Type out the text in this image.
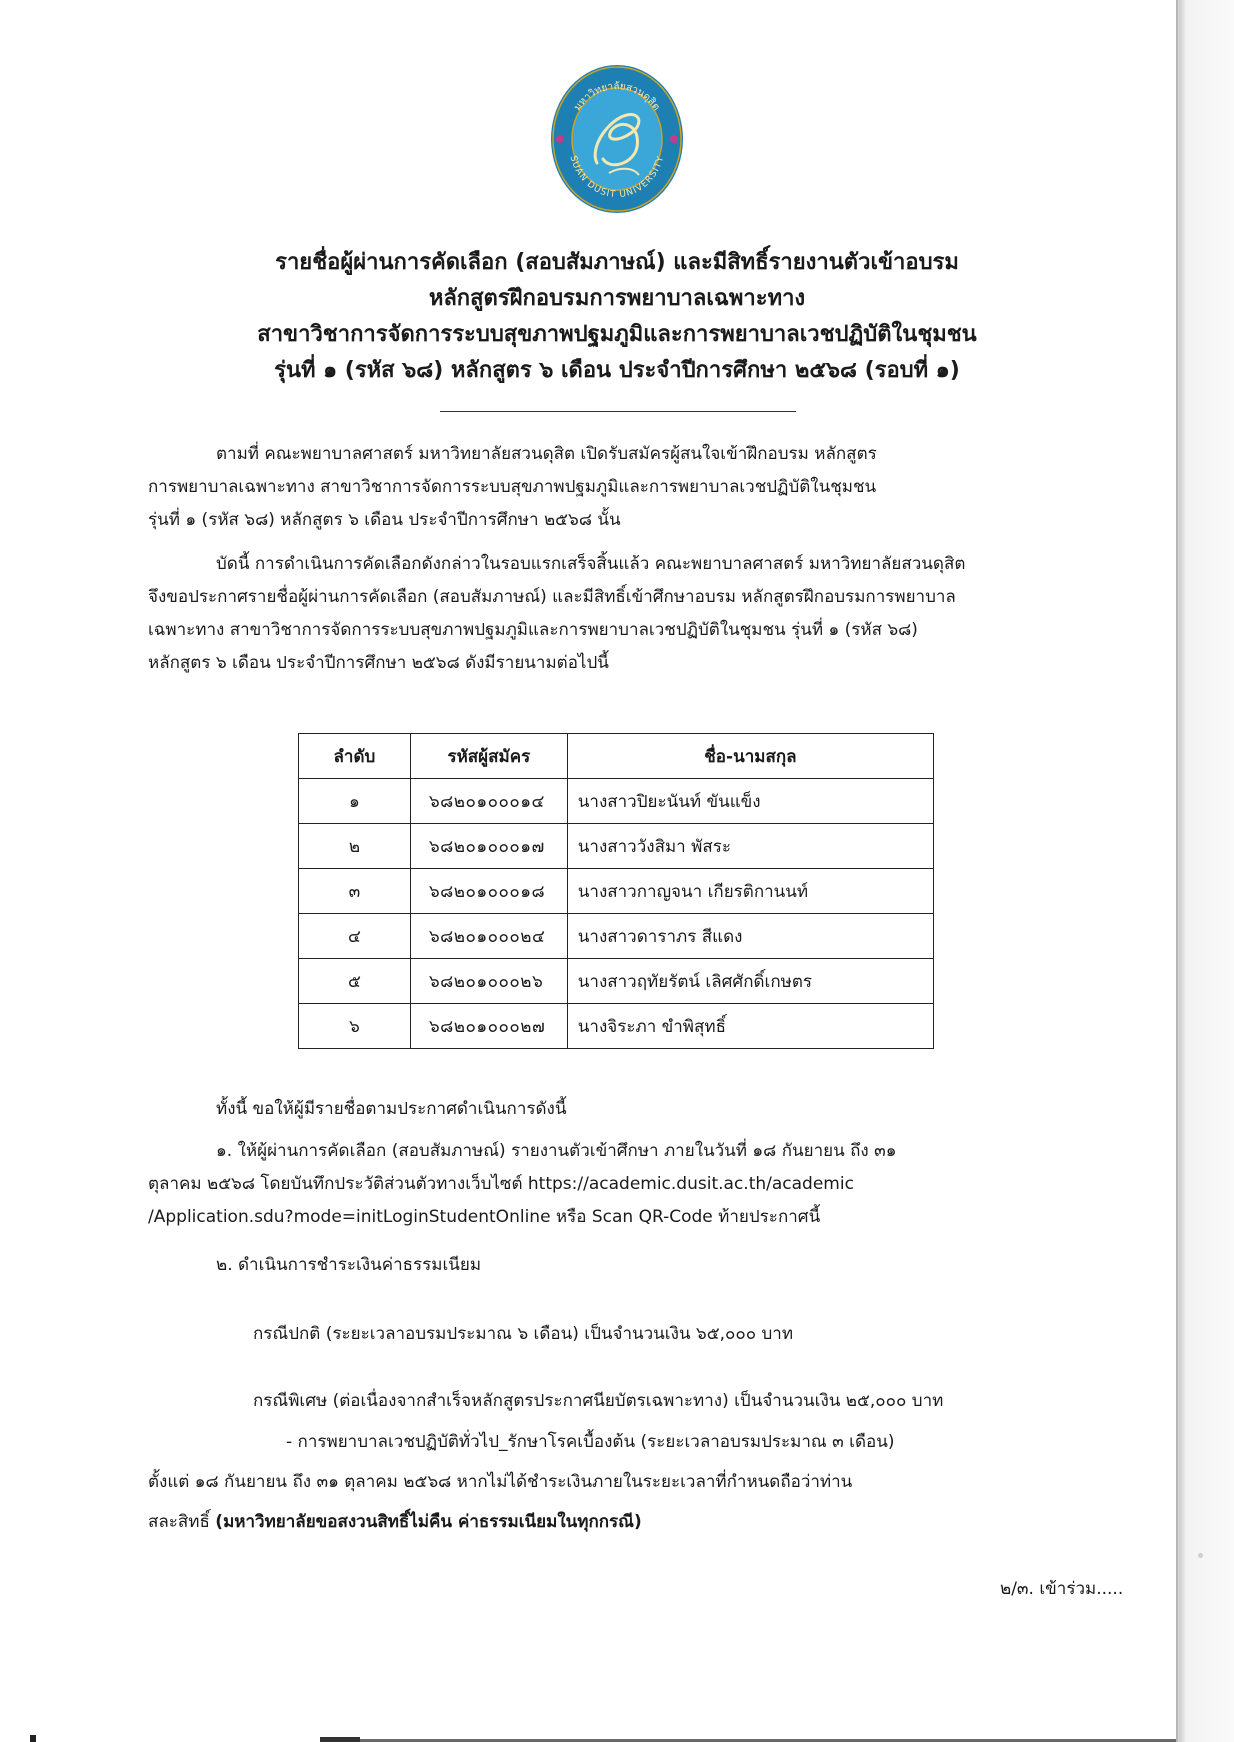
มหาวิทยาลัยสวนดุสิต
SUAN DUSIT UNIVERSITY
รายชื่อผู้ผ่านการคัดเลือก (สอบสัมภาษณ์) และมีสิทธิ์รายงานตัวเข้าอบรม
หลักสูตรฝึกอบรมการพยาบาลเฉพาะทาง
สาขาวิชาการจัดการระบบสุขภาพปฐมภูมิและการพยาบาลเวชปฏิบัติในชุมชน
รุ่นที่ ๑ (รหัส ๖๘) หลักสูตร ๖ เดือน ประจำปีการศึกษา ๒๕๖๘ (รอบที่ ๑)
ตามที่ คณะพยาบาลศาสตร์ มหาวิทยาลัยสวนดุสิต เปิดรับสมัครผู้สนใจเข้าฝึกอบรม หลักสูตร
การพยาบาลเฉพาะทาง สาขาวิชาการจัดการระบบสุขภาพปฐมภูมิและการพยาบาลเวชปฏิบัติในชุมชน
รุ่นที่ ๑ (รหัส ๖๘) หลักสูตร ๖ เดือน ประจำปีการศึกษา ๒๕๖๘ นั้น
บัดนี้ การดำเนินการคัดเลือกดังกล่าวในรอบแรกเสร็จสิ้นแล้ว คณะพยาบาลศาสตร์ มหาวิทยาลัยสวนดุสิต
จึงขอประกาศรายชื่อผู้ผ่านการคัดเลือก (สอบสัมภาษณ์) และมีสิทธิ์เข้าศึกษาอบรม หลักสูตรฝึกอบรมการพยาบาล
เฉพาะทาง สาขาวิชาการจัดการระบบสุขภาพปฐมภูมิและการพยาบาลเวชปฏิบัติในชุมชน รุ่นที่ ๑ (รหัส ๖๘)
หลักสูตร ๖ เดือน ประจำปีการศึกษา ๒๕๖๘ ดังมีรายนามต่อไปนี้
ลำดับ	รหัสผู้สมัคร	ชื่อ-นามสกุล
๑	๖๘๒๐๑๐๐๐๑๔	นางสาวปิยะนันท์ ขันแข็ง
๒	๖๘๒๐๑๐๐๐๑๗	นางสาววังสิมา พัสระ
๓	๖๘๒๐๑๐๐๐๑๘	นางสาวกาญจนา เกียรติกานนท์
๔	๖๘๒๐๑๐๐๐๒๔	นางสาวดาราภร สีแดง
๕	๖๘๒๐๑๐๐๐๒๖	นางสาวฤทัยรัตน์ เลิศศักดิ์เกษตร
๖	๖๘๒๐๑๐๐๐๒๗	นางจิระภา ขำพิสุทธิ์
ทั้งนี้ ขอให้ผู้มีรายชื่อตามประกาศดำเนินการดังนี้
๑. ให้ผู้ผ่านการคัดเลือก (สอบสัมภาษณ์) รายงานตัวเข้าศึกษา ภายในวันที่ ๑๘ กันยายน ถึง ๓๑
ตุลาคม ๒๕๖๘ โดยบันทึกประวัติส่วนตัวทางเว็บไซต์ https://academic.dusit.ac.th/academic
/Application.sdu?mode=initLoginStudentOnline หรือ Scan QR-Code ท้ายประกาศนี้
๒. ดำเนินการชำระเงินค่าธรรมเนียม
กรณีปกติ (ระยะเวลาอบรมประมาณ ๖ เดือน) เป็นจำนวนเงิน ๖๕,๐๐๐ บาท
กรณีพิเศษ (ต่อเนื่องจากสำเร็จหลักสูตรประกาศนียบัตรเฉพาะทาง) เป็นจำนวนเงิน ๒๕,๐๐๐ บาท
- การพยาบาลเวชปฏิบัติทั่วไป_รักษาโรคเบื้องต้น (ระยะเวลาอบรมประมาณ ๓ เดือน)
ตั้งแต่ ๑๘ กันยายน ถึง ๓๑ ตุลาคม ๒๕๖๘ หากไม่ได้ชำระเงินภายในระยะเวลาที่กำหนดถือว่าท่าน
สละสิทธิ์ (มหาวิทยาลัยขอสงวนสิทธิ์ไม่คืน ค่าธรรมเนียมในทุกกรณี)
๒/๓. เข้าร่วม.....
